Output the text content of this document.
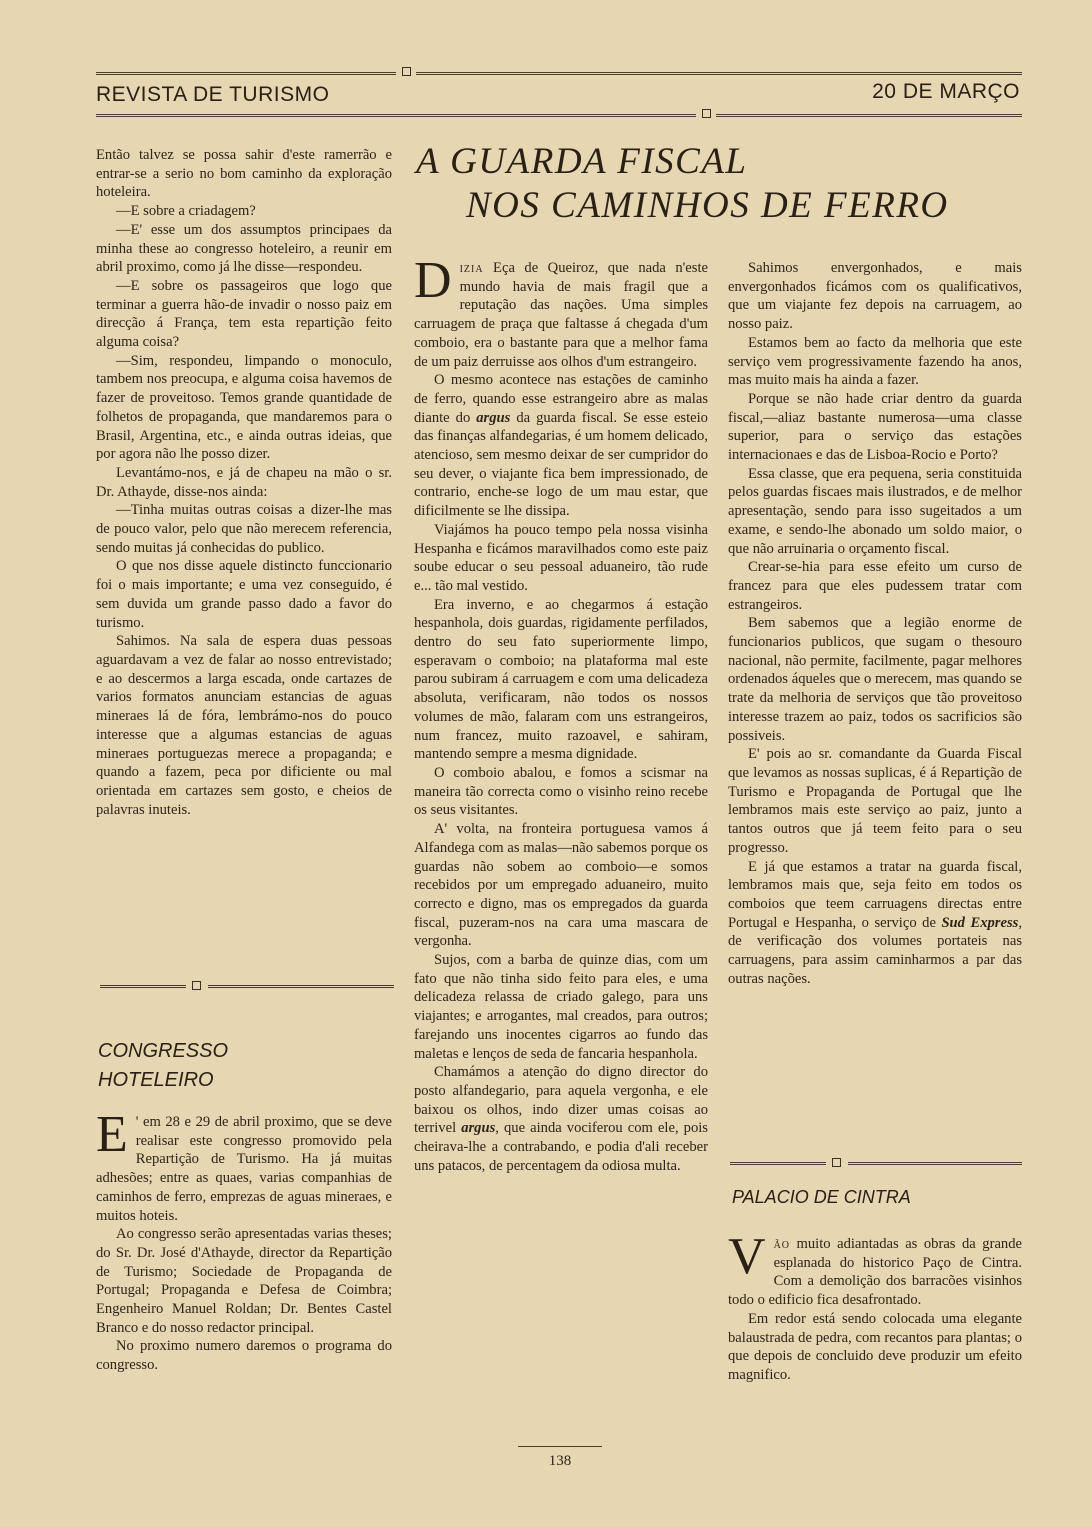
REVISTA DE TURISMO	20 DE MARÇO

Então talvez se possa sahir d'este ramerrão e entrar-se a serio no bom caminho da exploração hoteleira.

—E sobre a criadagem?

—E' esse um dos assumptos principaes da minha these ao congresso hoteleiro, a reunir em abril proximo, como já lhe disse—respondeu.

—E sobre os passageiros que logo que terminar a guerra hão-de invadir o nosso paiz em direcção á França, tem esta repartição feito alguma coisa?

—Sim, respondeu, limpando o monoculo, tambem nos preocupa, e alguma coisa havemos de fazer de proveitoso. Temos grande quantidade de folhetos de propaganda, que mandaremos para o Brasil, Argentina, etc., e ainda outras ideias, que por agora não lhe posso dizer.

Levantámo-nos, e já de chapeu na mão o sr. Dr. Athayde, disse-nos ainda:

—Tinha muitas outras coisas a dizer-lhe mas de pouco valor, pelo que não merecem referencia, sendo muitas já conhecidas do publico.

O que nos disse aquele distincto funccionario foi o mais importante; e uma vez conseguido, é sem duvida um grande passo dado a favor do turismo.

Sahimos. Na sala de espera duas pessoas aguardavam a vez de falar ao nosso entrevistado; e ao descermos a larga escada, onde cartazes de varios formatos anunciam estancias de aguas mineraes lá de fóra, lembrámo-nos do pouco interesse que a algumas estancias de aguas mineraes portuguezas merece a propaganda; e quando a fazem, peca por dificiente ou mal orientada em cartazes sem gosto, e cheios de palavras inuteis.

CONGRESSO
HOTELEIRO

E ' em 28 e 29 de abril proximo, que se deve realisar este congresso promovido pela Repartição de Turismo. Ha já muitas adhesões; entre as quaes, varias companhias de caminhos de ferro, emprezas de aguas mineraes, e muitos hoteis.

Ao congresso serão apresentadas varias theses; do Sr. Dr. José d'Athayde, director da Repartição de Turismo; Sociedade de Propaganda de Portugal; Propaganda e Defesa de Coimbra; Engenheiro Manuel Roldan; Dr. Bentes Castel Branco e do nosso redactor principal.

No proximo numero daremos o programa do congresso.

A GUARDA FISCAL
NOS CAMINHOS DE FERRO

Dizia Eça de Queiroz, que nada n'este mundo havia de mais fragil que a reputação das nações. Uma simples carruagem de praça que faltasse á chegada d'um comboio, era o bastante para que a melhor fama de um paiz derruisse aos olhos d'um estrangeiro.

O mesmo acontece nas estações de caminho de ferro, quando esse estrangeiro abre as malas diante do argus da guarda fiscal. Se esse esteio das finanças alfandegarias, é um homem delicado, atencioso, sem mesmo deixar de ser cumpridor do seu dever, o viajante fica bem impressionado, de contrario, enche-se logo de um mau estar, que dificilmente se lhe dissipa.

Viajámos ha pouco tempo pela nossa visinha Hespanha e ficámos maravilhados como este paiz soube educar o seu pessoal aduaneiro, tão rude e... tão mal vestido.

Era inverno, e ao chegarmos á estação hespanhola, dois guardas, rigidamente perfilados, dentro do seu fato superiormente limpo, esperavam o comboio; na plataforma mal este parou subiram á carruagem e com uma delicadeza absoluta, verificaram, não todos os nossos volumes de mão, falaram com uns estrangeiros, num francez, muito razoavel, e sahiram, mantendo sempre a mesma dignidade.

O comboio abalou, e fomos a scismar na maneira tão correcta como o visinho reino recebe os seus visitantes.

A' volta, na fronteira portuguesa vamos á Alfandega com as malas—não sabemos porque os guardas não sobem ao comboio—e somos recebidos por um empregado aduaneiro, muito correcto e digno, mas os empregados da guarda fiscal, puzeram-nos na cara uma mascara de vergonha.

Sujos, com a barba de quinze dias, com um fato que não tinha sido feito para eles, e uma delicadeza relassa de criado galego, para uns viajantes; e arrogantes, mal creados, para outros; farejando uns inocentes cigarros ao fundo das maletas e lenços de seda de fancaria hespanhola.

Chamámos a atenção do digno director do posto alfandegario, para aquela vergonha, e ele baixou os olhos, indo dizer umas coisas ao terrivel argus, que ainda vociferou com ele, pois cheirava-lhe a contrabando, e podia d'ali receber uns patacos, de percentagem da odiosa multa.

Sahimos envergonhados, e mais envergonhados ficámos com os qualificativos, que um viajante fez depois na carruagem, ao nosso paiz.

Estamos bem ao facto da melhoria que este serviço vem progressivamente fazendo ha anos, mas muito mais ha ainda a fazer.

Porque se não hade criar dentro da guarda fiscal,—aliaz bastante numerosa—uma classe superior, para o serviço das estações internacionaes e das de Lisboa-Rocio e Porto?

Essa classe, que era pequena, seria constituida pelos guardas fiscaes mais ilustrados, e de melhor apresentação, sendo para isso sugeitados a um exame, e sendo-lhe abonado um soldo maior, o que não arruinaria o orçamento fiscal.

Crear-se-hia para esse efeito um curso de francez para que eles pudessem tratar com estrangeiros.

Bem sabemos que a legião enorme de funcionarios publicos, que sugam o thesouro nacional, não permite, facilmente, pagar melhores ordenados áqueles que o merecem, mas quando se trate da melhoria de serviços que tão proveitoso interesse trazem ao paiz, todos os sacrificios são possiveis.

E' pois ao sr. comandante da Guarda Fiscal que levamos as nossas suplicas, é á Repartição de Turismo e Propaganda de Portugal que lhe lembramos mais este serviço ao paiz, junto a tantos outros que já teem feito para o seu progresso.

E já que estamos a tratar na guarda fiscal, lembramos mais que, seja feito em todos os comboios que teem carruagens directas entre Portugal e Hespanha, o serviço de Sud Express, de verificação dos volumes portateis nas carruagens, para assim caminharmos a par das outras nações.

PALACIO DE CINTRA

Vão muito adiantadas as obras da grande esplanada do historico Paço de Cintra. Com a demolição dos barracões visinhos todo o edificio fica desafrontado.

Em redor está sendo colocada uma elegante balaustrada de pedra, com recantos para plantas; o que depois de concluido deve produzir um efeito magnifico.

138
